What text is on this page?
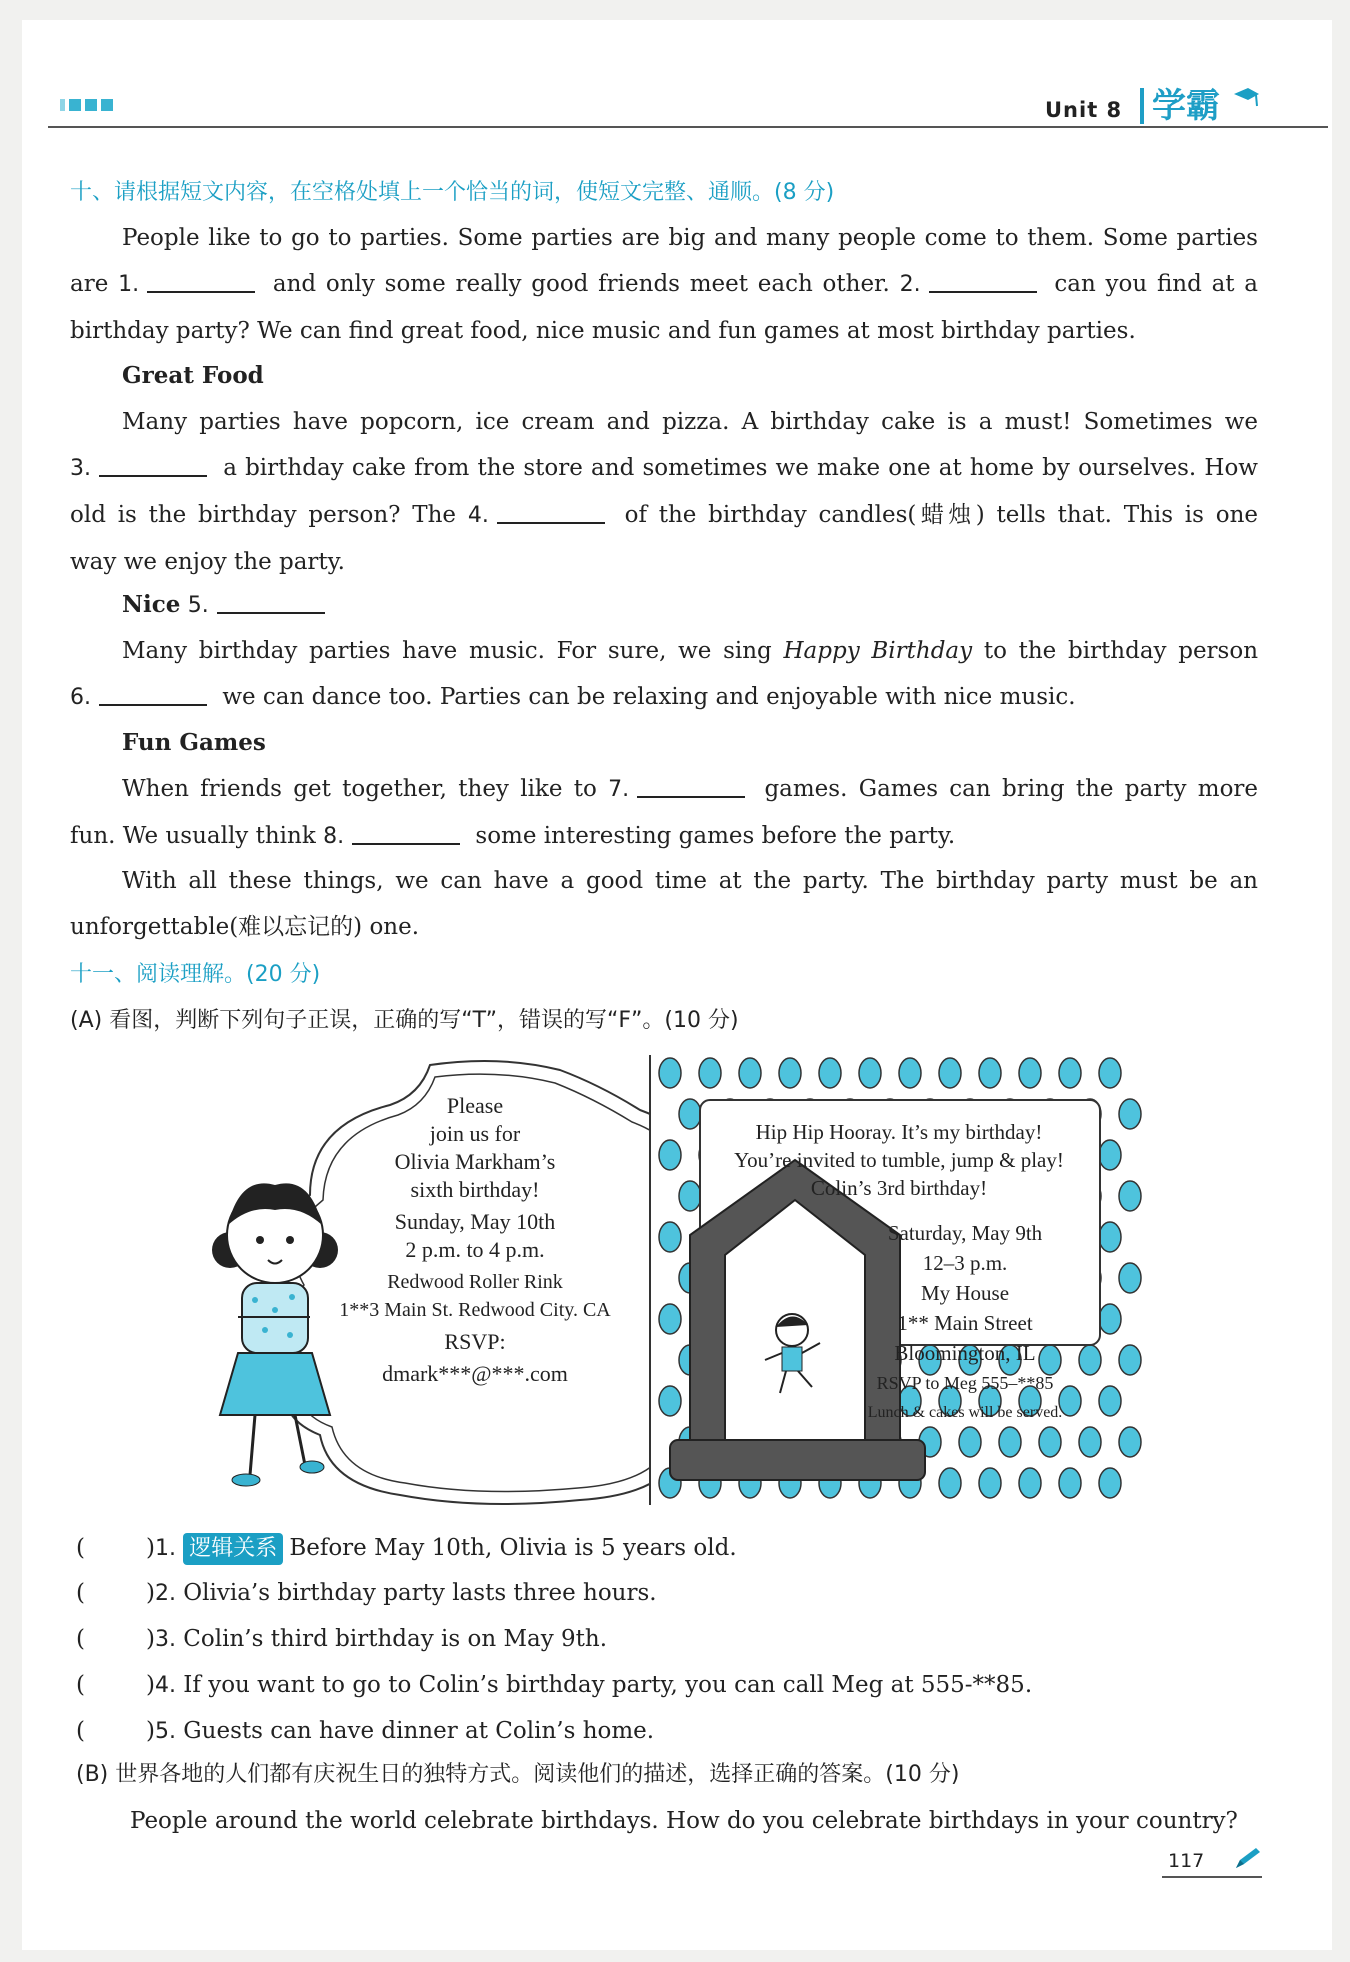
Unit 8 学霸
十、请根据短文内容，在空格处填上一个恰当的词，使短文完整、通顺。(8 分)
People like to go to parties. Some parties are big and many people come to them. Some parties
are 1.	and only some really good friends meet each other. 2.	can you find at a
birthday party? We can find great food, nice music and fun games at most birthday parties.
Great Food
Many parties have popcorn, ice cream and pizza. A birthday cake is a must! Sometimes we
3.	a birthday cake from the store and sometimes we make one at home by ourselves. How
old is the birthday person? The 4.	of the birthday candles(蜡烛) tells that. This is one
way we enjoy the party.
Nice 5.
Many birthday parties have music. For sure, we sing Happy Birthday to the birthday person
6.	we can dance too. Parties can be relaxing and enjoyable with nice music.
Fun Games
When friends get together, they like to 7.	games. Games can bring the party more
fun. We usually think 8.	some interesting games before the party.
With all these things, we can have a good time at the party. The birthday party must be an
unforgettable(难以忘记的) one.
十一、阅读理解。(20 分)
(A) 看图，判断下列句子正误，正确的写“T”，错误的写“F”。(10 分)
Please
join us for
Olivia Markham’s
sixth birthday!
Sunday, May 10th
2 p.m. to 4 p.m.
Redwood Roller Rink
1**3 Main St. Redwood City. CA
RSVP:
dmark***@***.com
Hip Hip Hooray. It’s my birthday!
You’re invited to tumble, jump & play!
Colin’s 3rd birthday!
Saturday, May 9th
12–3 p.m.
My House
1** Main Street
Bloomington, IL
RSVP to Meg 555–**85
Lunch & cakes will be served.
(	)1. 逻辑关系 Before May 10th, Olivia is 5 years old.
(	)2. Olivia’s birthday party lasts three hours.
(	)3. Colin’s third birthday is on May 9th.
(	)4. If you want to go to Colin’s birthday party, you can call Meg at 555-**85.
(	)5. Guests can have dinner at Colin’s home.
(B) 世界各地的人们都有庆祝生日的独特方式。阅读他们的描述，选择正确的答案。(10 分)
People around the world celebrate birthdays. How do you celebrate birthdays in your country?
117
